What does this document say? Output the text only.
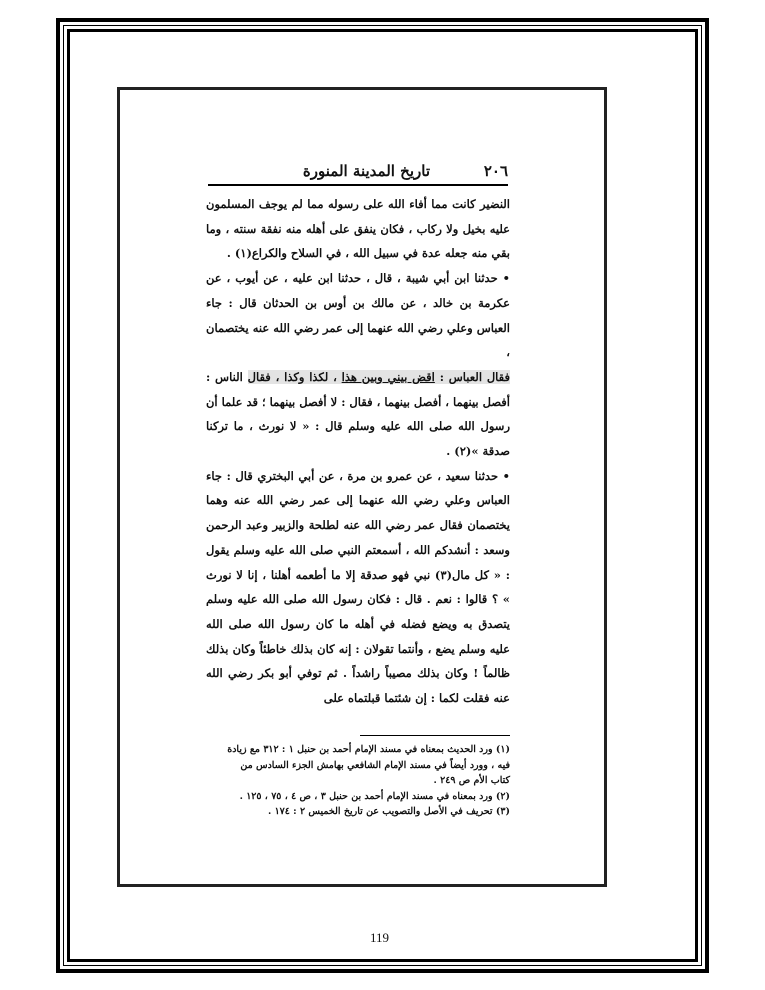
٢٠٦
تاريخ المدينة المنورة

النضير كانت مما أفاء الله على رسوله مما لم يوجف المسلمون عليه بخيل ولا ركاب ، فكان ينفق على أهله منه نفقة سنته ، وما بقي منه جعله عدة في سبيل الله ، في السلاح والكراع(١) .

• حدثنا ابن أبي شيبة ، قال ، حدثنا ابن عليه ، عن أيوب ، عن عكرمة بن خالد ، عن مالك بن أوس بن الحدثان قال : جاء العباس وعلي رضي الله عنهما إلى عمر رضي الله عنه يختصمان ،

فقال العباس : اقض بيني وبين هذا ، لكذا وكذا ، فقال الناس : أفصل بينهما ، أفصل بينهما ، فقال : لا أفصل بينهما ؛ قد علما أن رسول الله صلى الله عليه وسلم قال : « لا نورث ، ما تركنا صدقة »(٢) .

• حدثنا سعيد ، عن عمرو بن مرة ، عن أبي البختري قال : جاء العباس وعلي رضي الله عنهما إلى عمر رضي الله عنه وهما يختصمان فقال عمر رضي الله عنه لطلحة والزبير وعبد الرحمن وسعد : أنشدكم الله ، أسمعتم النبي صلى الله عليه وسلم يقول : « كل مال(٣) نبي فهو صدقة إلا ما أطعمه أهلنا ، إنا لا نورث » ؟ قالوا : نعم . قال : فكان رسول الله صلى الله عليه وسلم يتصدق به ويضع فضله في أهله ما كان رسول الله صلى الله عليه وسلم يضع ، وأنتما تقولان : إنه كان بذلك خاطئاً وكان بذلك ظالماً ! وكان بذلك مصيباً راشداً . ثم توفي أبو بكر رضي الله عنه فقلت لكما : إن شئتما قبلتماه على

(١) ورد الحديث بمعناه في مسند الإمام أحمد بن حنبل ١ : ٣١٢ مع زيادة فيه ، وورد أيضاً في مسند الإمام الشافعي بهامش الجزء السادس من كتاب الأم ص ٢٤٩ .

(٢) ورد بمعناه في مسند الإمام أحمد بن حنبل ٣ ، ص ٤ ، ٧٥ ، ١٢٥ .

(٣) تحريف في الأصل والتصويب عن تاريخ الخميس ٢ : ١٧٤ .

119
